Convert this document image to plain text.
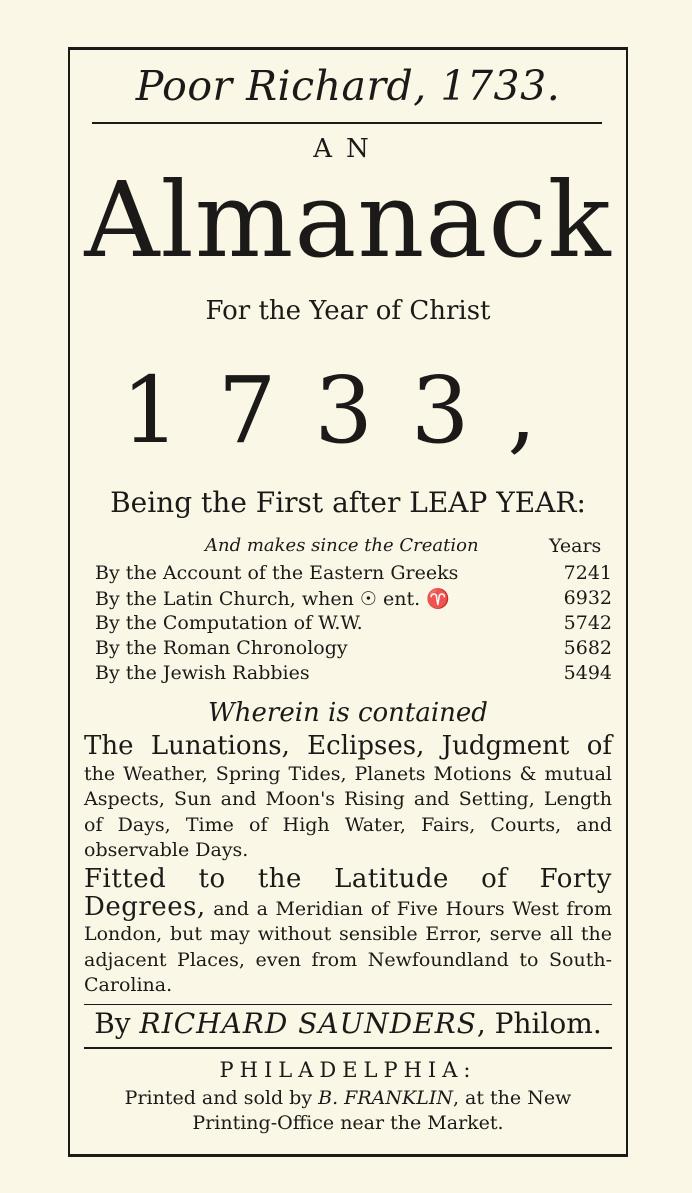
Poor Richard, 1733.
AN
Almanack
For the Year of Christ
1733,
Being the First after LEAP YEAR:
And makes since the Creation	Years
By the Account of the Eastern Greeks	7241
By the Latin Church, when ☉ ent. ♈	6932
By the Computation of W.W.	5742
By the Roman Chronology	5682
By the Jewish Rabbies	5494
Wherein is contained
The Lunations, Eclipses, Judgment of the Weather, Spring Tides, Planets Motions & mutual Aspects, Sun and Moon's Rising and Setting, Length of Days, Time of High Water, Fairs, Courts, and observable Days.
Fitted to the Latitude of Forty Degrees, and a Meridian of Five Hours West from London, but may without sensible Error, serve all the adjacent Places, even from Newfoundland to South-Carolina.
By RICHARD SAUNDERS, Philom.
PHILADELPHIA:
Printed and sold by B. FRANKLIN, at the New
Printing-Office near the Market.
